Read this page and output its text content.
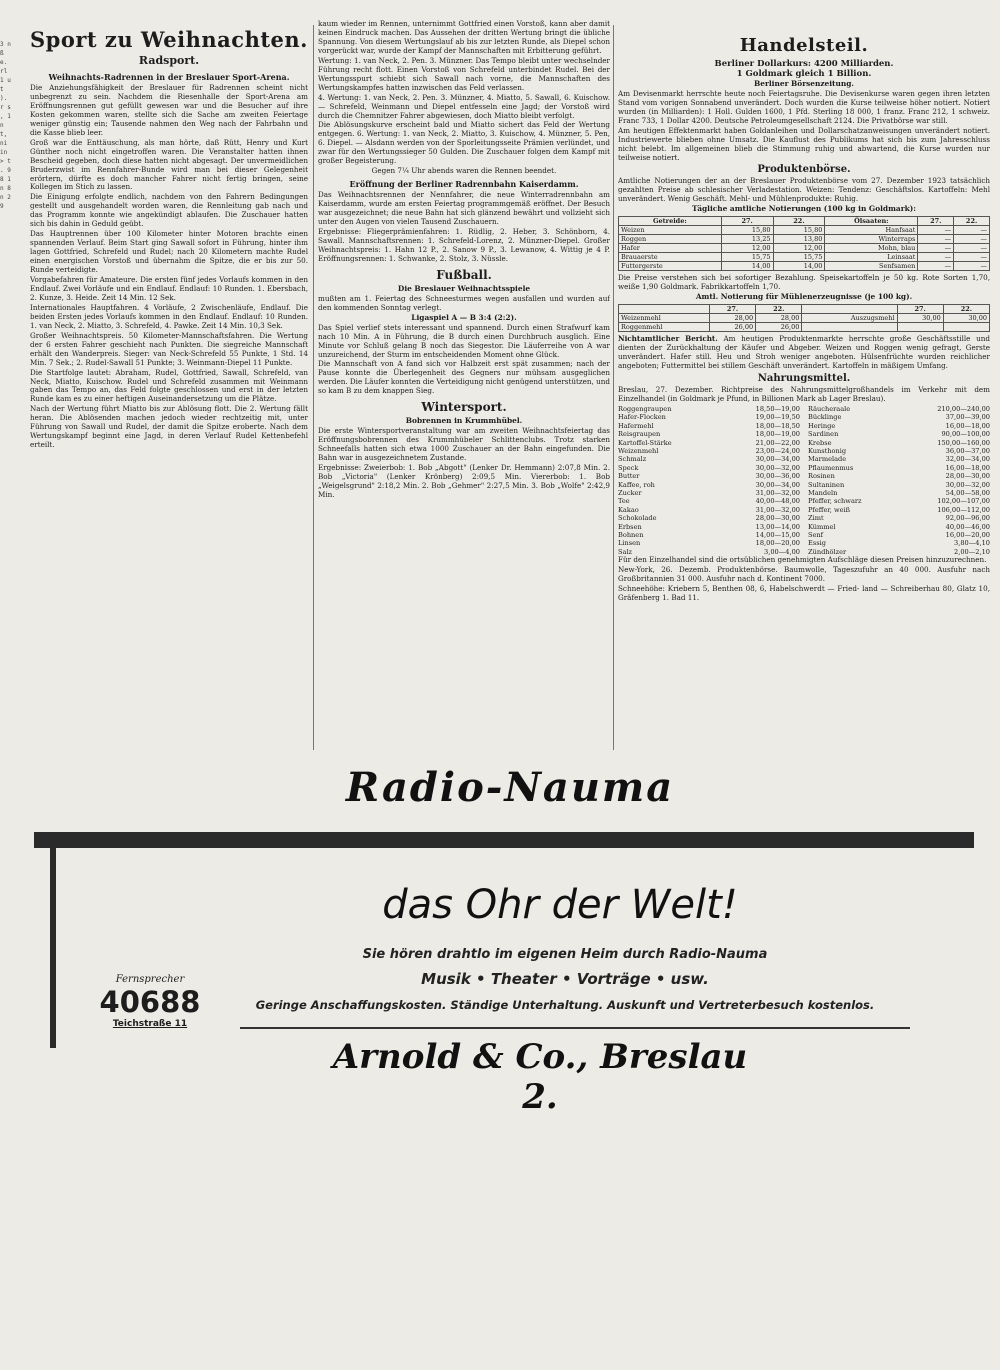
3 n ß e. rl 1 u t ). r s , 1 n t, ni in > t . 9 8 1 n 8 n 2 9
Sport zu Weihnachten.
Radsport.
Weihnachts-Radrennen in der Breslauer Sport-Arena.

Die Anziehungsfähigkeit der Breslauer für Radrennen scheint nicht unbegrenzt zu sein. Nachdem die Riesenhalle der Sport-Arena am Eröffnungsrennen gut gefüllt gewesen war und die Besucher auf ihre Kosten gekommen waren, stellte sich die Sache am zweiten Feiertage weniger günstig ein; Tausende nahmen den Weg nach der Fahrbahn und die Kasse blieb leer.

Groß war die Enttäuschung, als man hörte, daß Rütt, Henry und Kurt Günther noch nicht eingetroffen waren. Die Veranstalter hatten ihnen Bescheid gegeben, doch diese hatten nicht abgesagt. Der unvermeidlichen Bruderzwist im Rennfahrer-Bunde wird man bei dieser Gelegenheit erörtern, dürfte es doch mancher Fahrer nicht fertig bringen, seine Kollegen im Stich zu lassen.

Die Einigung erfolgte endlich, nachdem von den Fahrern Bedingungen gestellt und ausgehandelt worden waren, die Rennleitung gab nach und das Programm konnte wie angekündigt ablaufen. Die Zuschauer hatten sich bis dahin in Geduld geübt.

Das Hauptrennen über 100 Kilometer hinter Motoren brachte einen spannenden Verlauf. Beim Start ging Sawall sofort in Führung, hinter ihm lagen Gottfried, Schrefeld und Rudel; nach 20 Kilometern machte Rudel einen energischen Vorstoß und übernahm die Spitze, die er bis zur 50. Runde verteidigte.

Vorgabefahren für Amateure. Die ersten fünf jedes Vorlaufs kommen in den Endlauf. Zwei Vorläufe und ein Endlauf. Endlauf: 10 Runden. 1. Ebersbach, 2. Kunze, 3. Heide. Zeit 14 Min. 12 Sek.

Internationales Hauptfahren. 4 Vorläufe, 2 Zwischenläufe, Endlauf. Die beiden Ersten jedes Vorlaufs kommen in den Endlauf. Endlauf: 10 Runden. 1. van Neck, 2. Miatto, 3. Schrefeld, 4. Pawke. Zeit 14 Min. 10,3 Sek.

Großer Weihnachtspreis. 50 Kilometer-Mannschaftsfahren. Die Wertung der 6 ersten Fahrer geschieht nach Punkten. Die siegreiche Mannschaft erhält den Wanderpreis. Sieger: van Neck-Schrefeld 55 Punkte, 1 Std. 14 Min. 7 Sek.; 2. Rudel-Sawall 51 Punkte; 3. Weinmann-Diepel 11 Punkte.

Die Startfolge lautet: Abraham, Rudel, Gottfried, Sawall, Schrefeld, van Neck, Miatto, Kuischow. Rudel und Schrefeld zusammen mit Weinmann gaben das Tempo an, das Feld folgte geschlossen und erst in der letzten Runde kam es zu einer heftigen Auseinandersetzung um die Plätze.

Nach der Wertung führt Miatto bis zur Ablösung flott. Die 2. Wertung fällt heran. Die Ablösenden machen jedoch wieder rechtzeitig mit, unter Führung von Sawall und Rudel, der damit die Spitze eroberte. Nach dem Wertungskampf beginnt eine Jagd, in deren Verlauf Rudel Kettenbefehl erteilt.

kaum wieder im Rennen, unternimmt Gottfried einen Vorstoß, kann aber damit keinen Eindruck machen. Das Aussehen der dritten Wertung bringt die übliche Spannung. Von diesem Wertungslauf ab bis zur letzten Runde, als Diepel schon vorgerückt war, wurde der Kampf der Mannschaften mit Erbitterung geführt.

Wertung: 1. van Neck, 2. Pen. 3. Münzner. Das Tempo bleibt unter wechselnder Führung recht flott. Einen Vorstoß von Schrefeld unterbindet Rudel. Bei der Wertungsspurt schiebt sich Sawall nach vorne, die Mannschaften des Wertungskampfes hatten inzwischen das Feld verlassen.

4. Wertung: 1. van Neck, 2. Pen. 3. Münzner, 4. Miatto, 5. Sawall, 6. Kuischow. — Schrefeld, Weinmann und Diepel entfesseln eine Jagd; der Vorstoß wird durch die Chemnitzer Fahrer abgewiesen, doch Miatto bleibt verfolgt.

Die Ablösungskurve erscheint bald und Miatto sichert das Feld der Wertung entgegen. 6. Wertung: 1. van Neck, 2. Miatto, 3. Kuischow, 4. Münzner, 5. Pen, 6. Diepel. — Alsdann werden von der Sporleitungsseite Prämien verlündet, und zwar für den Wertungssieger 50 Gulden. Die Zuschauer folgen dem Kampf mit großer Begeisterung.

Gegen 7¼ Uhr abends waren die Rennen beendet.

Eröffnung der Berliner Radrennbahn Kaiserdamm.

Das Weihnachtsrennen der Nennfahrer, die neue Winterradrennbahn am Kaiserdamm, wurde am ersten Feiertag programmgemäß eröffnet. Der Besuch war ausgezeichnet; die neue Bahn hat sich glänzend bewährt und vollzieht sich unter den Augen von vielen Tausend Zuschauern.

Ergebnisse: Fliegerprämienfahren: 1. Rüdlig, 2. Heber, 3. Schönborn, 4. Sawall. Mannschaftsrennen: 1. Schrefeld-Lorenz, 2. Münzner-Diepel. Großer Weihnachtspreis: 1. Hahn 12 P., 2. Sanow 9 P., 3. Lewanow, 4. Wittig je 4 P. Eröffnungsrennen: 1. Schwanke, 2. Stolz, 3. Nüssle.

Fußball.
Die Breslauer Weihnachtsspiele

mußten am 1. Feiertag des Schneesturmes wegen ausfallen und wurden auf den kommenden Sonntag verlegt.

Ligaspiel A — B 3:4 (2:2).

Das Spiel verlief stets interessant und spannend. Durch einen Strafwurf kam nach 10 Min. A in Führung, die B durch einen Durchbruch ausglich. Eine Minute vor Schluß gelang B noch das Siegestor. Die Läuferreihe von A war unzureichend, der Sturm im entscheidenden Moment ohne Glück.

Die Mannschaft von A fand sich vor Halbzeit erst spät zusammen; nach der Pause konnte die Überlegenheit des Gegners nur mühsam ausgeglichen werden. Die Läufer konnten die Verteidigung nicht genügend unterstützen, und so kam B zu dem knappen Sieg.

Wintersport.
Bobrennen in Krummhübel.

Die erste Wintersportveranstaltung war am zweiten Weihnachtsfeiertag das Eröffnungsbobrennen des Krummhübeler Schlittenclubs. Trotz starken Schneefalls hatten sich etwa 1000 Zuschauer an der Bahn eingefunden. Die Bahn war in ausgezeichnetem Zustande.

Ergebnisse: Zweierbob: 1. Bob „Abgott" (Lenker Dr. Hemmann) 2:07,8 Min. 2. Bob „Victoria" (Lenker Krönberg) 2:09,5 Min. Viererbob: 1. Bob „Weigelsgrund" 2:18,2 Min. 2. Bob „Gehmer" 2:27,5 Min. 3. Bob „Wolfe" 2:42,9 Min.

Handelsteil.
Berliner Dollarkurs: 4200 Milliarden.
1 Goldmark gleich 1 Billion.
Berliner Börsenzeitung.

Am Devisenmarkt herrschte heute noch Feiertagsruhe. Die Devisenkurse waren gegen ihren letzten Stand vom vorigen Sonnabend unverändert. Doch wurden die Kurse teilweise höher notiert. Notiert wurden (in Milliarden): 1 Holl. Gulden 1600, 1 Pfd. Sterling 18 000, 1 franz. Franc 212, 1 schweiz. Franc 733, 1 Dollar 4200. Deutsche Petroleumgesellschaft 2124. Die Privatbörse war still.

Am heutigen Effektenmarkt haben Goldanleihen und Dollarschatzanweisungen unverändert notiert. Industriewerte blieben ohne Umsatz. Die Kauflust des Publikums hat sich bis zum Jahresschluss nicht belebt. Im allgemeinen blieb die Stimmung ruhig und abwartend, die Kurse wurden nur teilweise notiert.

Produktenbörse.

Amtliche Notierungen der an der Breslauer Produktenbörse vom 27. Dezember 1923 tatsächlich gezahlten Preise ab schlesischer Verladestation. Weizen: Tendenz: Geschäftslos. Kartoffeln: Mehl unverändert. Wenig Geschäft. Mehl- und Mühlenprodukte: Ruhig.

Tägliche amtliche Notierungen (100 kg in Goldmark):
Getreide:	27.	22.	Ölsaaten:	27.	22.
Weizen	15,80	15,80	Hanfsaat	—	—
Roggen	13,25	13,80	Winterraps	—	—
Hafer	12,00	12,00	Mohn, blau	—	—
Brauaerste	15,75	15,75	Leinsaat	—	—
Futtergerste	14,00	14,00	Senfsamen	—	—

Die Preise verstehen sich bei sofortiger Bezahlung. Speisekartoffeln je 50 kg. Rote Sorten 1,70, weiße 1,90 Goldmark. Fabrikkartoffeln 1,70.

Amtl. Notierung für Mühlenerzeugnisse (je 100 kg).
	27.	22.		27.	22.
Weizenmehl	28,00	28,00	Auszugsmehl	30,00	30,00
Roggenmehl	26,00	26,00			

Nichtamtlicher Bericht. Am heutigen Produktenmarkte herrschte große Geschäftsstille und dienten der Zurückhaltung der Käufer und Abgeber. Weizen und Roggen wenig gefragt, Gerste unverändert. Hafer still. Heu und Stroh weniger angeboten. Hülsenfrüchte wurden reichlicher angeboten; Futtermittel bei stillem Geschäft unverändert. Kartoffeln in mäßigem Umfang.

Nahrungsmittel.

Breslau, 27. Dezember. Richtpreise des Nahrungsmittelgroßhandels im Verkehr mit dem Einzelhandel (in Goldmark je Pfund, in Billionen Mark ab Lager Breslau).

Roggengraupen	18,50—19,00
Hafer-Flocken	19,00—19,50
Hafermehl	18,00—18,50
Reisgraupen	18,00—19,00
Kartoffel-Stärke	21,00—22,00
Weizenmehl	23,00—24,00
Schmalz	30,00—34,00
Speck	30,00—32,00
Butter	30,00—36,00
Kaffee, roh	30,00—34,00
Zucker	31,00—32,00
Tee	40,00—48,00
Kakao	31,00—32,00
Schokolade	28,00—30,00
Erbsen	13,00—14,00
Bohnen	14,00—15,00
Linsen	18,00—20,00
Salz	3,00—4,00
Räucheraale	210,00—240,00
Bücklinge	37,00—39,00
Heringe	16,00—18,00
Sardinen	90,00—100,00
Krebse	150,00—160,00
Kunsthonig	36,00—37,00
Marmelade	32,00—34,00
Pflaumenmus	16,00—18,00
Rosinen	28,00—30,00
Sultaninen	30,00—32,00
Mandeln	54,00—58,00
Pfeffer, schwarz	102,00—107,00
Pfeffer, weiß	106,00—112,00
Zimt	92,00—96,00
Kümmel	40,00—46,00
Senf	16,00—20,00
Essig	3,80—4,10
Zündhölzer	2,00—2,10

Für den Einzelhandel sind die ortsüblichen genehmigten Aufschläge diesen Preisen hinzuzurechnen.

New-York, 26. Dezemb. Produktenbörse. Baumwolle, Tageszufuhr an 40 000. Ausfuhr nach Großbritannien 31 000. Ausfuhr nach d. Kontinent 7000.

Schneehöhe: Kriebern 5, Benthen 08, 6, Habelschwerdt — Fried- land — Schreiberhau 80, Glatz 10, Gräfenberg 1. Bad 11.

Radio-Nauma
das Ohr der Welt!
Sie hören drahtlo im eigenen Heim durch Radio-Nauma
Musik • Theater • Vorträge • usw.
Geringe Anschaffungskosten. Ständige Unterhaltung. Auskunft und Vertreterbesuch kostenlos.
Fernsprecher
40688
Teichstraße 11
Arnold & Co., Breslau 2.
